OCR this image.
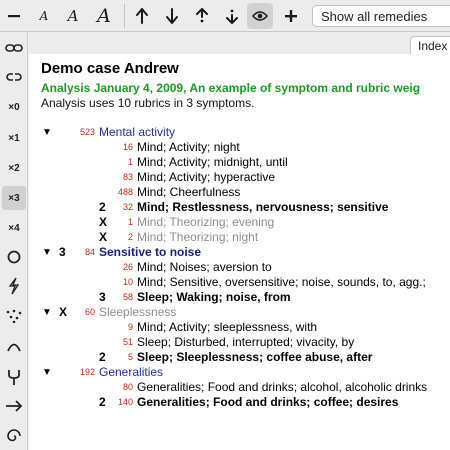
A A A	Show all remedies
×0
×1
×2
×3
×4
Index
Demo case Andrew
Analysis January 4, 2009, An example of symptom and rubric weig
Analysis uses 10 rubrics in 3 symptoms.
▼	523 Mental activity
16 Mind; Activity; night
1 Mind; Activity; midnight, until
83 Mind; Activity; hyperactive
488 Mind; Cheerfulness
2	32 Mind; Restlessness, nervousness; sensitive
X	1 Mind; Theorizing; evening
X	2 Mind; Theorizing; night
▼ 3	84 Sensitive to noise
26 Mind; Noises; aversion to
10 Mind; Sensitive, oversensitive; noise, sounds, to, agg.;
3	58 Sleep; Waking; noise, from
▼ X	60 Sleeplessness
9 Mind; Activity; sleeplessness, with
51 Sleep; Disturbed, interrupted; vivacity, by
2	5 Sleep; Sleeplessness; coffee abuse, after
▼	192 Generalities
80 Generalities; Food and drinks; alcohol, alcoholic drinks
2	140 Generalities; Food and drinks; coffee; desires
